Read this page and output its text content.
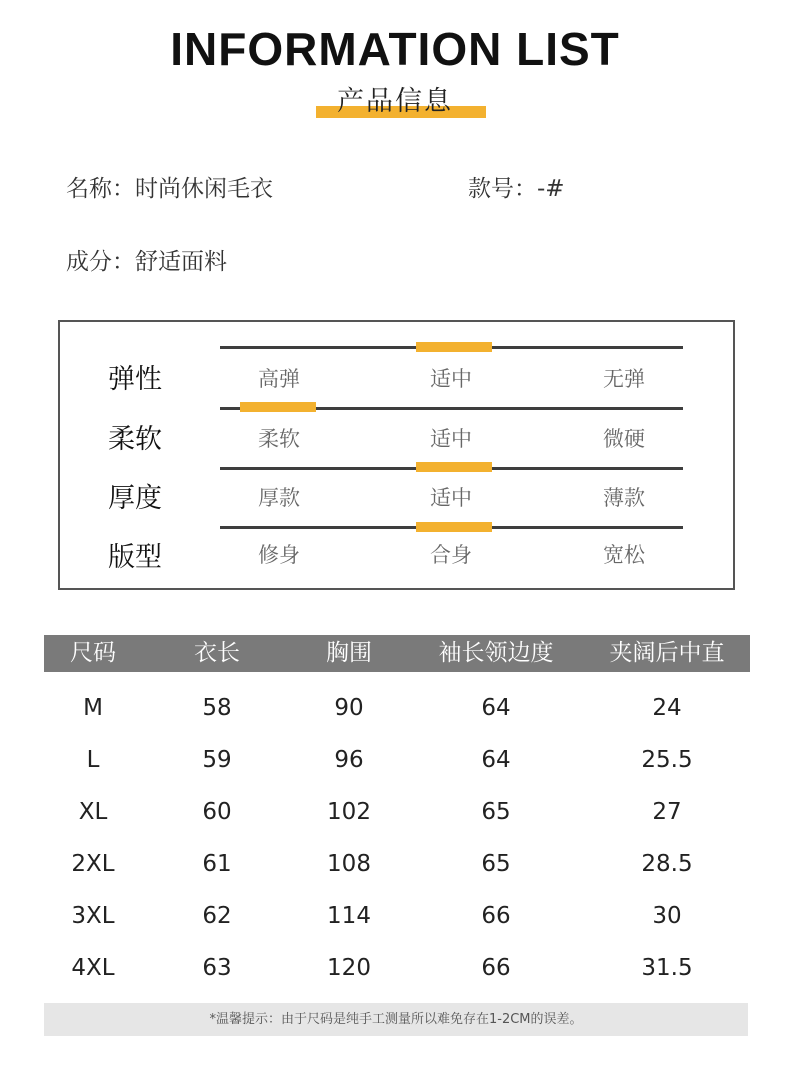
INFORMATION LIST
产品信息
名称：时尚休闲毛衣	款号：-#
成分：舒适面料
弹性	高弹	适中	无弹
柔软	柔软	适中	微硬
厚度	厚款	适中	薄款
版型	修身	合身	宽松
尺码	衣长	胸围	袖长领边度	夹阔后中直
M	58	90	64	24
L	59	96	64	25.5
XL	60	102	65	27
2XL	61	108	65	28.5
3XL	62	114	66	30
4XL	63	120	66	31.5
*温馨提示：由于尺码是纯手工测量所以难免存在1-2CM的误差。
